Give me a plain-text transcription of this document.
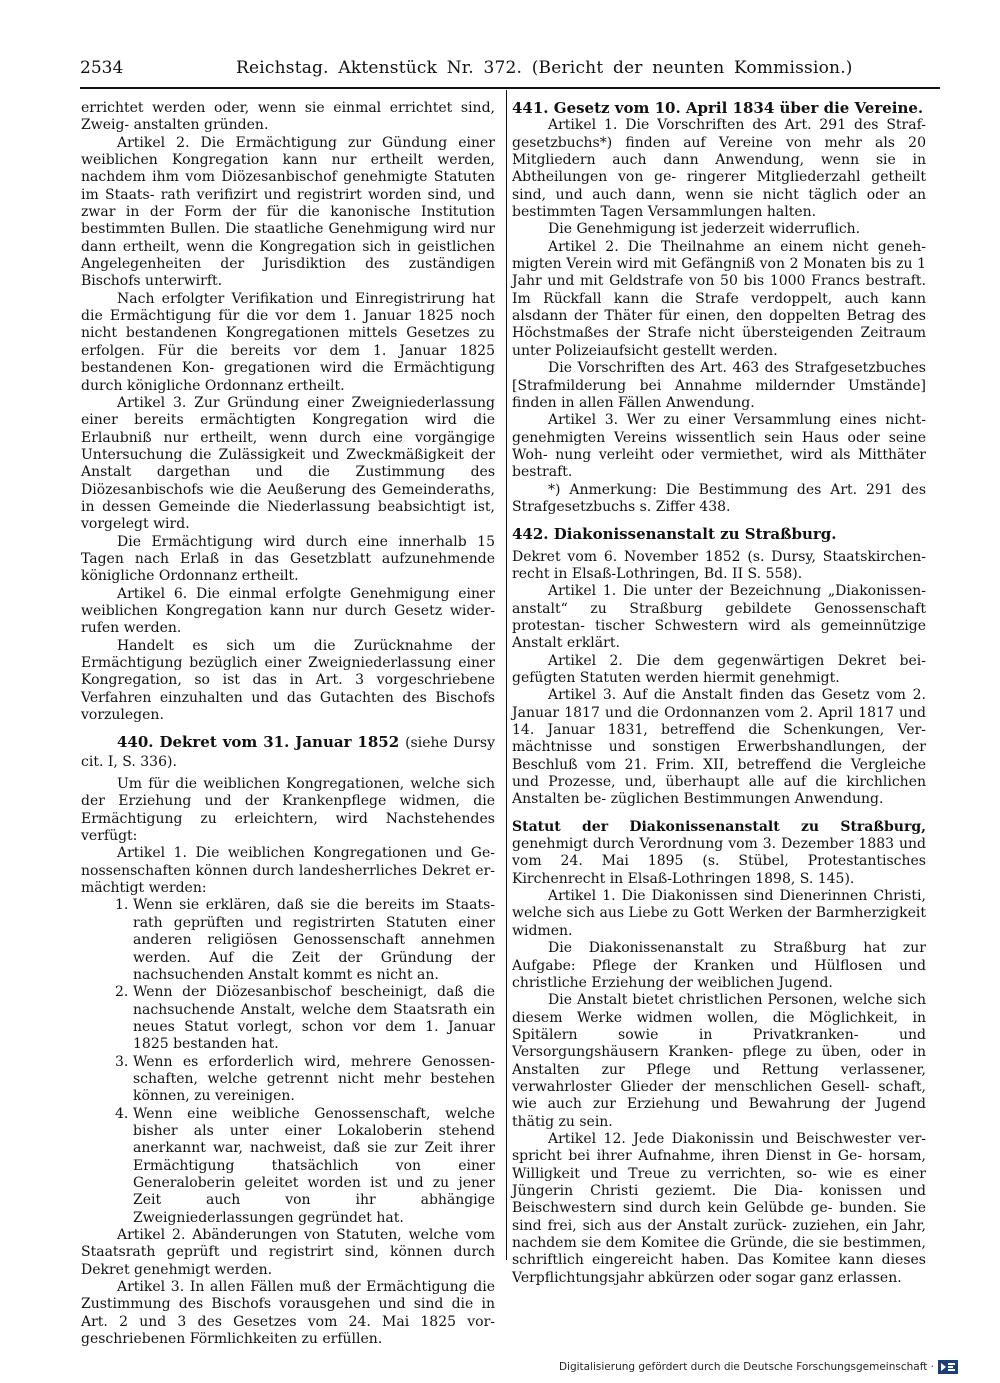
2534	Reichstag. Aktenstück Nr. 372. (Bericht der neunten Kommission.)

errichtet werden oder, wenn sie einmal errichtet sind, Zweig- anstalten gründen.

Artikel 2. Die Ermächtigung zur Gündung einer weiblichen Kongregation kann nur ertheilt werden, nachdem ihm vom Diözesanbischof genehmigte Statuten im Staats- rath verifizirt und registrirt worden sind, und zwar in der Form der für die kanonische Institution bestimmten Bullen. Die staatliche Genehmigung wird nur dann ertheilt, wenn die Kongregation sich in geistlichen Angelegenheiten der Jurisdiktion des zuständigen Bischofs unterwirft.

Nach erfolgter Verifikation und Einregistrirung hat die Ermächtigung für die vor dem 1. Januar 1825 noch nicht bestandenen Kongregationen mittels Gesetzes zu erfolgen. Für die bereits vor dem 1. Januar 1825 bestandenen Kon- gregationen wird die Ermächtigung durch königliche Ordonnanz ertheilt.

Artikel 3. Zur Gründung einer Zweigniederlassung einer bereits ermächtigten Kongregation wird die Erlaubniß nur ertheilt, wenn durch eine vorgängige Untersuchung die Zulässigkeit und Zweckmäßigkeit der Anstalt dargethan und die Zustimmung des Diözesanbischofs wie die Aeußerung des Gemeinderaths, in dessen Gemeinde die Niederlassung beabsichtigt ist, vorgelegt wird.

Die Ermächtigung wird durch eine innerhalb 15 Tagen nach Erlaß in das Gesetzblatt aufzunehmende königliche Ordonnanz ertheilt.

Artikel 6. Die einmal erfolgte Genehmigung einer weiblichen Kongregation kann nur durch Gesetz wider- rufen werden.

Handelt es sich um die Zurücknahme der Ermächtigung bezüglich einer Zweigniederlassung einer Kongregation, so ist das in Art. 3 vorgeschriebene Verfahren einzuhalten und das Gutachten des Bischofs vorzulegen.

440. Dekret vom 31. Januar 1852 (siehe Dursy cit. I, S. 336).

Um für die weiblichen Kongregationen, welche sich der Erziehung und der Krankenpflege widmen, die Ermächtigung zu erleichtern, wird Nachstehendes verfügt:

Artikel 1. Die weiblichen Kongregationen und Ge- nossenschaften können durch landesherrliches Dekret er- mächtigt werden:

1. Wenn sie erklären, daß sie die bereits im Staats- rath geprüften und registrirten Statuten einer anderen religiösen Genossenschaft annehmen werden. Auf die Zeit der Gründung der nachsuchenden Anstalt kommt es nicht an.
2. Wenn der Diözesanbischof bescheinigt, daß die nachsuchende Anstalt, welche dem Staatsrath ein neues Statut vorlegt, schon vor dem 1. Januar 1825 bestanden hat.
3. Wenn es erforderlich wird, mehrere Genossen- schaften, welche getrennt nicht mehr bestehen können, zu vereinigen.
4. Wenn eine weibliche Genossenschaft, welche bisher als unter einer Lokaloberin stehend anerkannt war, nachweist, daß sie zur Zeit ihrer Ermächtigung thatsächlich von einer Generaloberin geleitet worden ist und zu jener Zeit auch von ihr abhängige Zweigniederlassungen gegründet hat.

Artikel 2. Abänderungen von Statuten, welche vom Staatsrath geprüft und registrirt sind, können durch Dekret genehmigt werden.

Artikel 3. In allen Fällen muß der Ermächtigung die Zustimmung des Bischofs vorausgehen und sind die in Art. 2 und 3 des Gesetzes vom 24. Mai 1825 vor- geschriebenen Förmlichkeiten zu erfüllen.

441. Gesetz vom 10. April 1834 über die Vereine.

Artikel 1. Die Vorschriften des Art. 291 des Straf- gesetzbuchs*) finden auf Vereine von mehr als 20 Mitgliedern auch dann Anwendung, wenn sie in Abtheilungen von ge- ringerer Mitgliederzahl getheilt sind, und auch dann, wenn sie nicht täglich oder an bestimmten Tagen Versammlungen halten.

Die Genehmigung ist jederzeit widerruflich.

Artikel 2. Die Theilnahme an einem nicht geneh- migten Verein wird mit Gefängniß von 2 Monaten bis zu 1 Jahr und mit Geldstrafe von 50 bis 1000 Francs bestraft. Im Rückfall kann die Strafe verdoppelt, auch kann alsdann der Thäter für einen, den doppelten Betrag des Höchstmaßes der Strafe nicht übersteigenden Zeitraum unter Polizeiaufsicht gestellt werden.

Die Vorschriften des Art. 463 des Strafgesetzbuches [Strafmilderung bei Annahme mildernder Umstände] finden in allen Fällen Anwendung.

Artikel 3. Wer zu einer Versammlung eines nicht- genehmigten Vereins wissentlich sein Haus oder seine Woh- nung verleiht oder vermiethet, wird als Mitthäter bestraft.

*) Anmerkung: Die Bestimmung des Art. 291 des Strafgesetzbuchs s. Ziffer 438.

442. Diakonissenanstalt zu Straßburg.

Dekret vom 6. November 1852 (s. Dursy, Staatskirchen- recht in Elsaß-Lothringen, Bd. II S. 558).

Artikel 1. Die unter der Bezeichnung „Diakonissen- anstalt“ zu Straßburg gebildete Genossenschaft protestan- tischer Schwestern wird als gemeinnützige Anstalt erklärt.

Artikel 2. Die dem gegenwärtigen Dekret bei- gefügten Statuten werden hiermit genehmigt.

Artikel 3. Auf die Anstalt finden das Gesetz vom 2. Januar 1817 und die Ordonnanzen vom 2. April 1817 und 14. Januar 1831, betreffend die Schenkungen, Ver- mächtnisse und sonstigen Erwerbshandlungen, der Beschluß vom 21. Frim. XII, betreffend die Vergleiche und Prozesse, und, überhaupt alle auf die kirchlichen Anstalten be- züglichen Bestimmungen Anwendung.

Statut der Diakonissenanstalt zu Straßburg, genehmigt durch Verordnung vom 3. Dezember 1883 und vom 24. Mai 1895 (s. Stübel, Protestantisches Kirchenrecht in Elsaß-Lothringen 1898, S. 145).

Artikel 1. Die Diakonissen sind Dienerinnen Christi, welche sich aus Liebe zu Gott Werken der Barmherzigkeit widmen.

Die Diakonissenanstalt zu Straßburg hat zur Aufgabe: Pflege der Kranken und Hülflosen und christliche Erziehung der weiblichen Jugend.

Die Anstalt bietet christlichen Personen, welche sich diesem Werke widmen wollen, die Möglichkeit, in Spitälern sowie in Privatkranken- und Versorgungshäusern Kranken- pflege zu üben, oder in Anstalten zur Pflege und Rettung verlassener, verwahrloster Glieder der menschlichen Gesell- schaft, wie auch zur Erziehung und Bewahrung der Jugend thätig zu sein.

Artikel 12. Jede Diakonissin und Beischwester ver- spricht bei ihrer Aufnahme, ihren Dienst in Ge- horsam, Willigkeit und Treue zu verrichten, so- wie es einer Jüngerin Christi geziemt. Die Dia- konissen und Beischwestern sind durch kein Gelübde ge- bunden. Sie sind frei, sich aus der Anstalt zurück- zuziehen, ein Jahr, nachdem sie dem Komitee die Gründe, die sie bestimmen, schriftlich eingereicht haben. Das Komitee kann dieses Verpflichtungsjahr abkürzen oder sogar ganz erlassen.

Digitalisierung gefördert durch die Deutsche Forschungsgemeinschaft ·
